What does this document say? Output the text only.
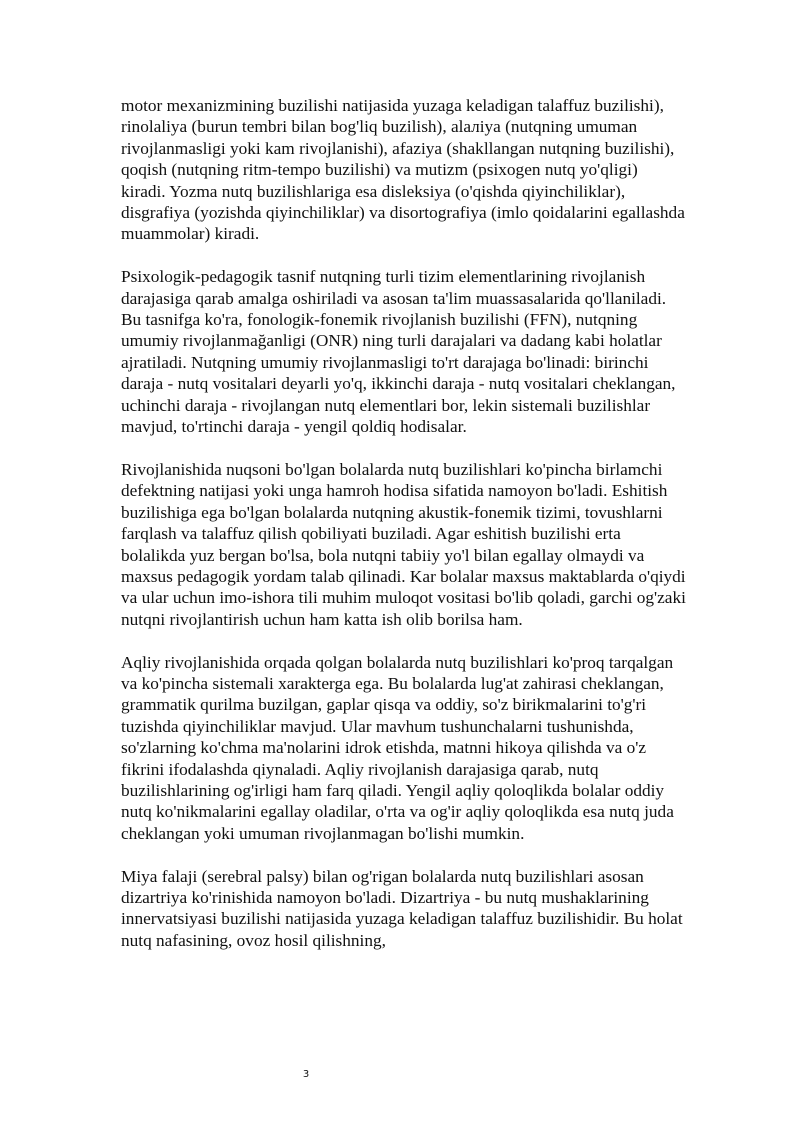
motor mexanizmining buzilishi natijasida yuzaga keladigan talaffuz buzilishi), rinolaliya (burun tembri bilan bog'liq buzilish), alaлiya (nutqning umuman rivojlanmasligi yoki kam rivojlanishi), afaziya (shakllangan nutqning buzilishi), qoqish (nutqning ritm-tempo buzilishi) va mutizm (psixogen nutq yo'qligi) kiradi. Yozma nutq buzilishlariga esa disleksiya (o'qishda qiyinchiliklar), disgrafiya (yozishda qiyinchiliklar) va disortografiya (imlo qoidalarini egallashda muammolar) kiradi.

Psixologik-pedagogik tasnif nutqning turli tizim elementlarining rivojlanish darajasiga qarab amalga oshiriladi va asosan ta'lim muassasalarida qo'llaniladi. Bu tasnifga ko'ra, fonologik-fonemik rivojlanish buzilishi (FFN), nutqning umumiy rivojlanmağanligi (ONR) ning turli darajalari va dadang kabi holatlar ajratiladi. Nutqning umumiy rivojlanmasligi to'rt darajaga bo'linadi: birinchi daraja - nutq vositalari deyarli yo'q, ikkinchi daraja - nutq vositalari cheklangan, uchinchi daraja - rivojlangan nutq elementlari bor, lekin sistemali buzilishlar mavjud, to'rtinchi daraja - yengil qoldiq hodisalar.

Rivojlanishida nuqsoni bo'lgan bolalarda nutq buzilishlari ko'pincha birlamchi defektning natijasi yoki unga hamroh hodisa sifatida namoyon bo'ladi. Eshitish buzilishiga ega bo'lgan bolalarda nutqning akustik-fonemik tizimi, tovushlarni farqlash va talaffuz qilish qobiliyati buziladi. Agar eshitish buzilishi erta bolalikda yuz bergan bo'lsa, bola nutqni tabiiy yo'l bilan egallay olmaydi va maxsus pedagogik yordam talab qilinadi. Kar bolalar maxsus maktablarda o'qiydi va ular uchun imo-ishora tili muhim muloqot vositasi bo'lib qoladi, garchi og'zaki nutqni rivojlantirish uchun ham katta ish olib borilsa ham.

Aqliy rivojlanishida orqada qolgan bolalarda nutq buzilishlari ko'proq tarqalgan va ko'pincha sistemali xarakterga ega. Bu bolalarda lug'at zahirasi cheklangan, grammatik qurilma buzilgan, gaplar qisqa va oddiy, so'z birikmalarini to'g'ri tuzishda qiyinchiliklar mavjud. Ular mavhum tushunchalarni tushunishda, so'zlarning ko'chma ma'nolarini idrok etishda, matnni hikoya qilishda va o'z fikrini ifodalashda qiynaladi. Aqliy rivojlanish darajasiga qarab, nutq buzilishlarining og'irligi ham farq qiladi. Yengil aqliy qoloqlikda bolalar oddiy nutq ko'nikmalarini egallay oladilar, o'rta va og'ir aqliy qoloqlikda esa nutq juda cheklangan yoki umuman rivojlanmagan bo'lishi mumkin.

Miya falaji (serebral palsy) bilan og'rigan bolalarda nutq buzilishlari asosan dizartriya ko'rinishida namoyon bo'ladi. Dizartriya - bu nutq mushaklarining innervatsiyasi buzilishi natijasida yuzaga keladigan talaffuz buzilishidir. Bu holat nutq nafasining, ovoz hosil qilishning,

3
